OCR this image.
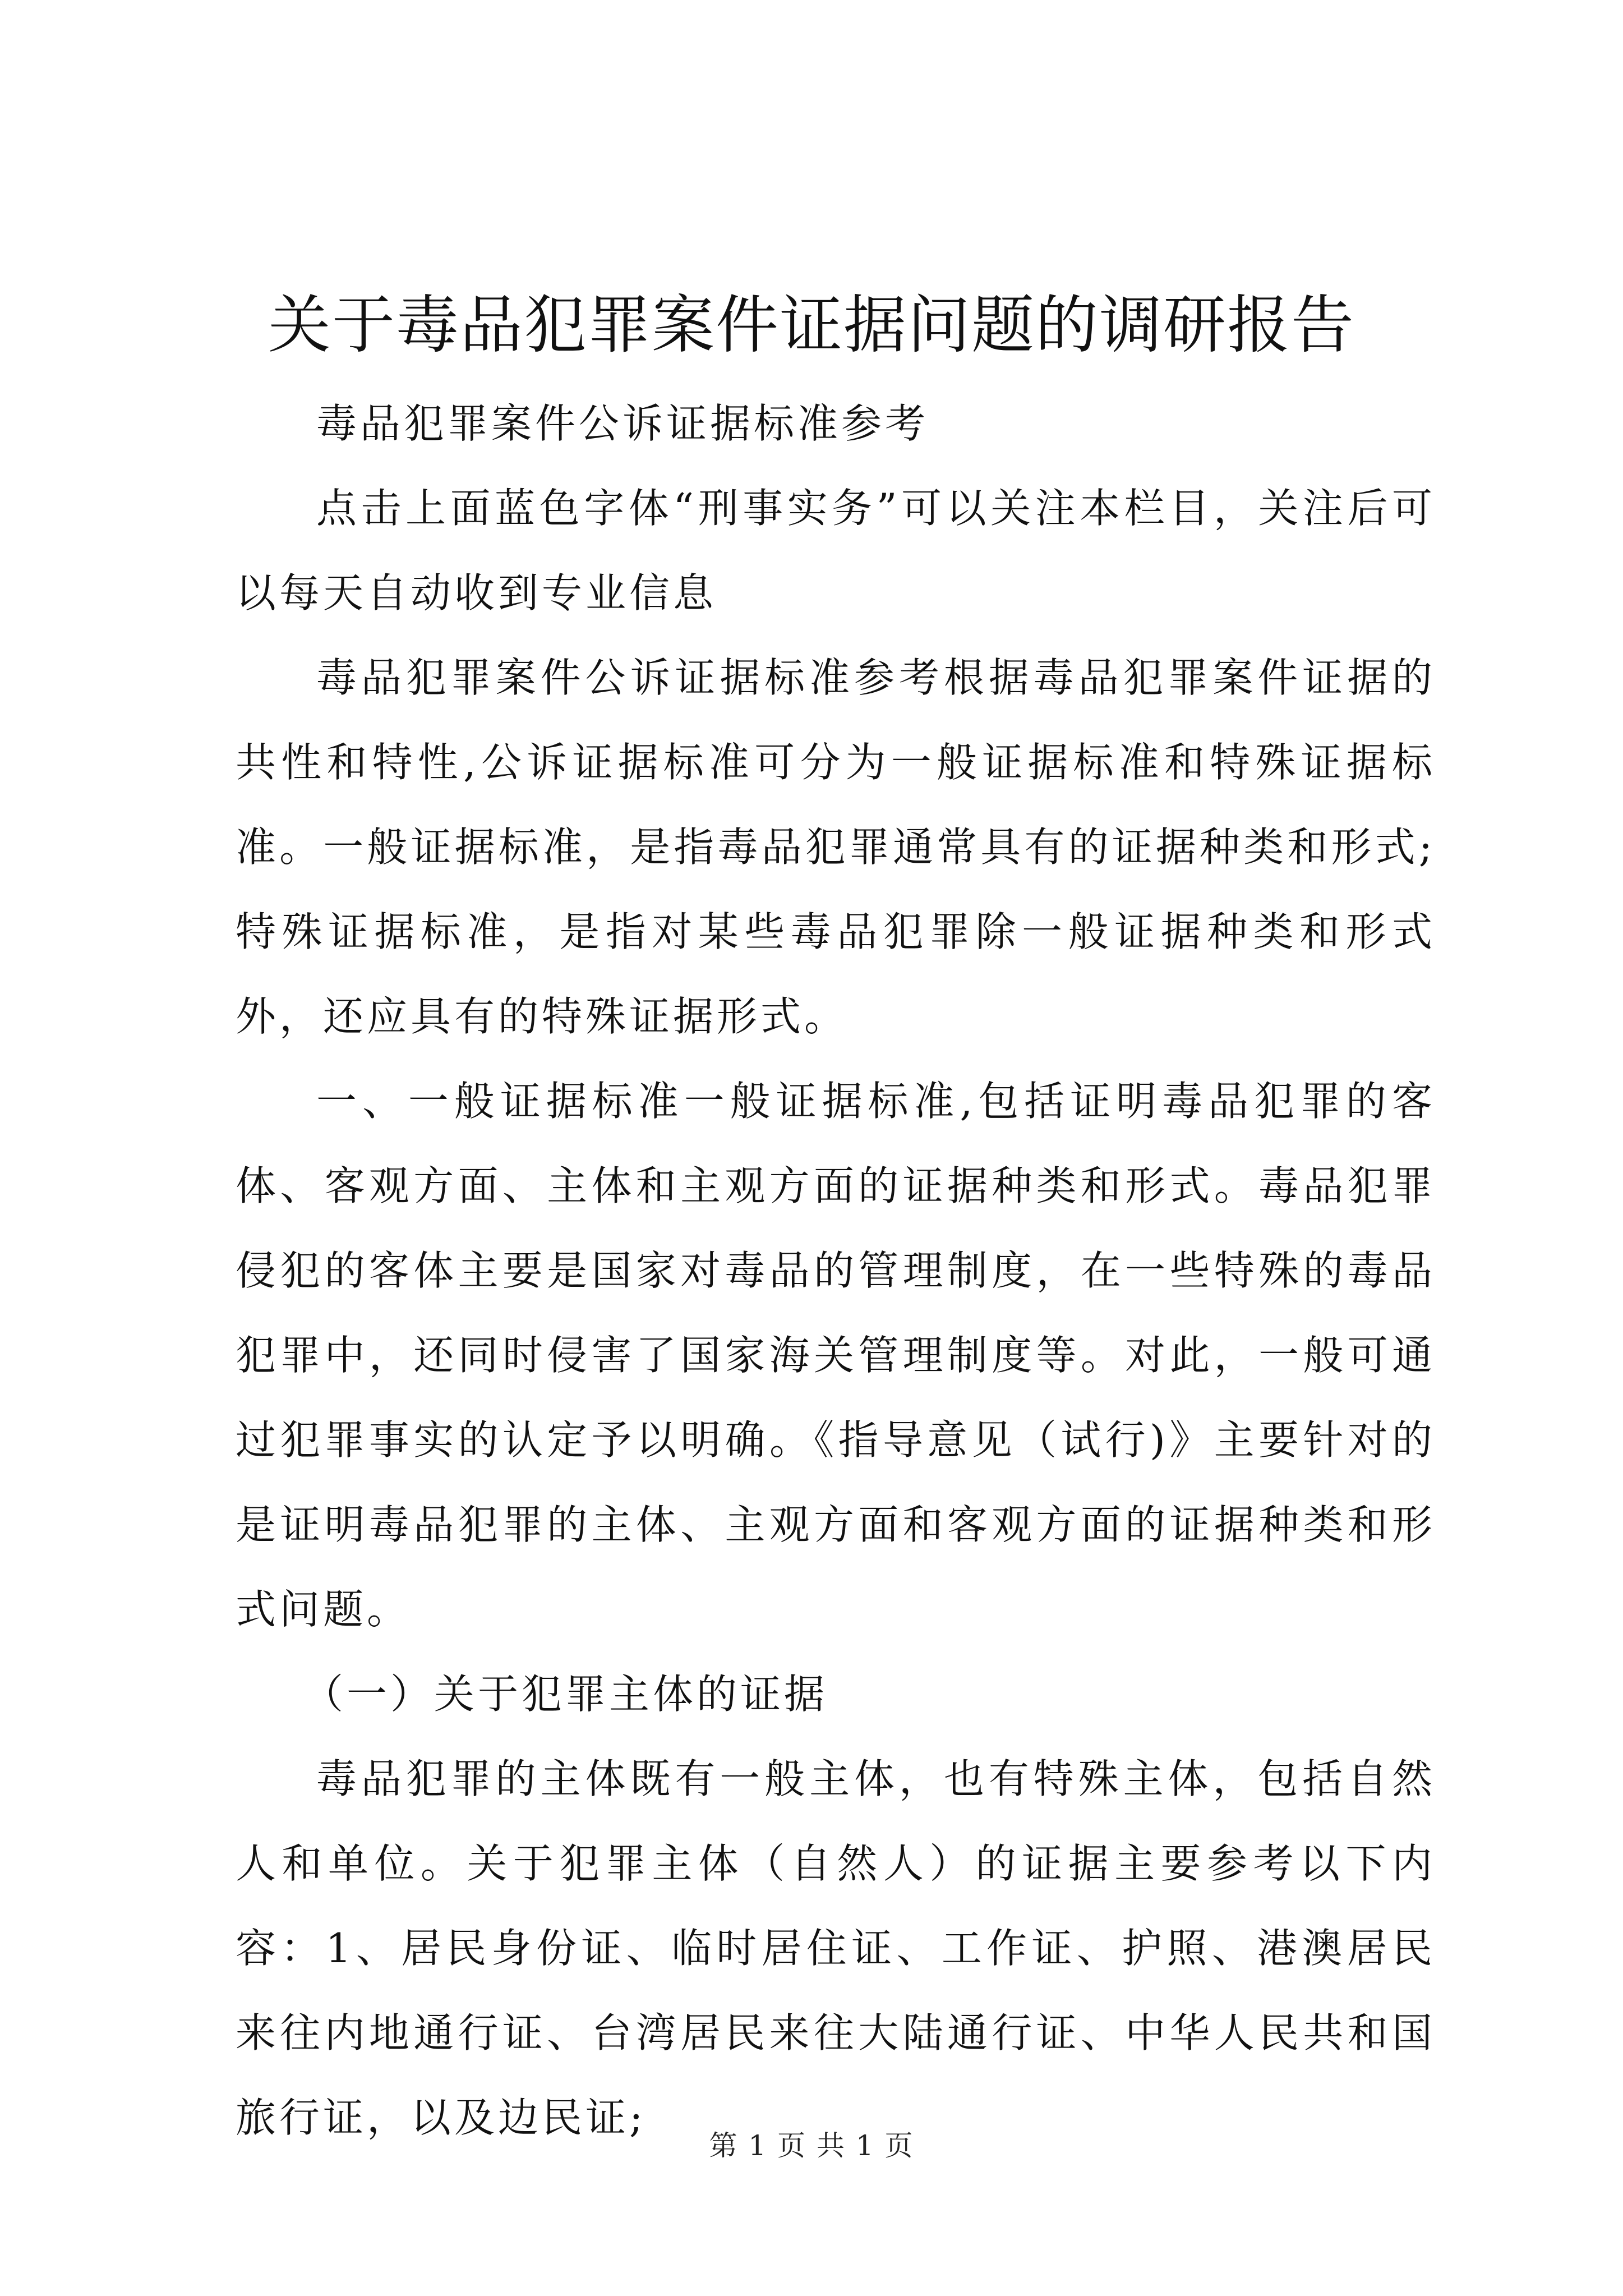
关于毒品犯罪案件证据问题的调研报告

毒品犯罪案件公诉证据标准参考

点击上面蓝色字体“刑事实务”可以关注本栏目，关注后可以每天自动收到专业信息

毒品犯罪案件公诉证据标准参考根据毒品犯罪案件证据的共性和特性,公诉证据标准可分为一般证据标准和特殊证据标准。一般证据标准，是指毒品犯罪通常具有的证据种类和形式;特殊证据标准，是指对某些毒品犯罪除一般证据种类和形式外，还应具有的特殊证据形式。

一、一般证据标准一般证据标准,包括证明毒品犯罪的客体、客观方面、主体和主观方面的证据种类和形式。毒品犯罪侵犯的客体主要是国家对毒品的管理制度，在一些特殊的毒品犯罪中，还同时侵害了国家海关管理制度等。对此，一般可通过犯罪事实的认定予以明确。《指导意见（试行)》主要针对的是证明毒品犯罪的主体、主观方面和客观方面的证据种类和形式问题。

（一）关于犯罪主体的证据

毒品犯罪的主体既有一般主体，也有特殊主体，包括自然人和单位。关于犯罪主体（自然人）的证据主要参考以下内容：1、居民身份证、临时居住证、工作证、护照、港澳居民来往内地通行证、台湾居民来往大陆通行证、中华人民共和国旅行证，以及边民证;

第 1 页 共 1 页
